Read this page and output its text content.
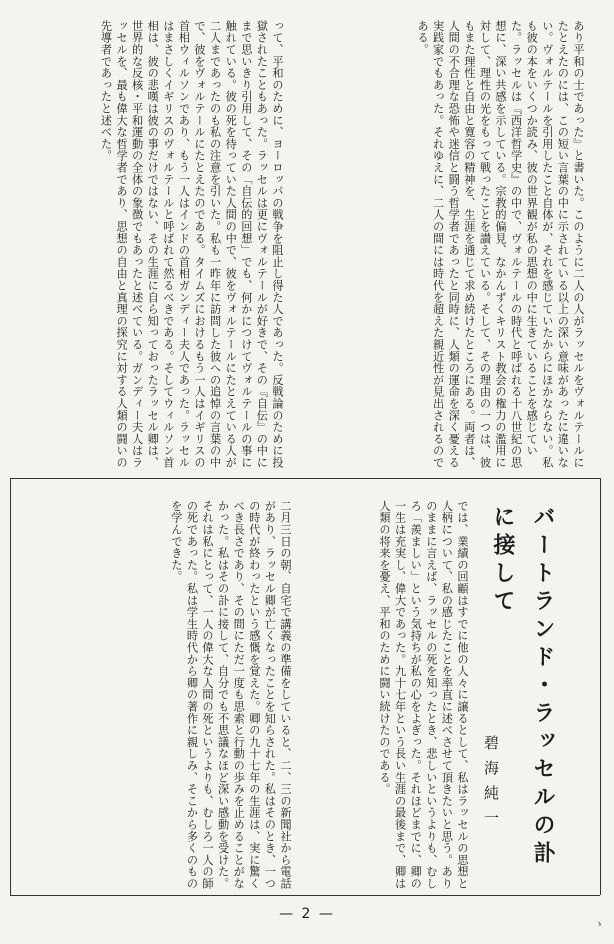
って、平和のために、ヨーロッパの戦争を阻止し得た人であった。反戦論のために投獄されたこともあった。ラッセルは更にヴォルテールが好きで、その『自伝』の中にまで思いきり引用して、その「自伝的回想」でも、何かにつけてヴォルテールの事に触れている。彼の死を待っていた人間の中で、彼をヴォルテールにたとえている人が二人まであったのも私の注意を引いた。私も一昨年に訪問した彼への追悼の言葉の中で、彼をヴォルテールにたとえたのである。タイムズにおけるもう一人はイギリスの首相ウィルソンであり、もう一人はインドの首相ガンディー夫人であった。ラッセルはまさしくイギリスのヴォルテールと呼ばれて然るべきである。そしてウィルソン首相は、彼の悲嘆は彼の事だけではない、その生涯に自ら知っておったラッセル卿は、世界的な反核・平和運動の全体の象徴でもあったと述べている。ガンディー夫人はラッセルを、最も偉大な哲学者であり、思想の自由と真理の探究に対する人類の闘いの先導者であったと述べた。	あり平和の士であった』と書いた。このように二人の人がラッセルをヴォルテールにたとえたのには、この短い言葉の中に示されている以上の深い意味があったに違いない。ヴォルテールを引用したこと自体が、それを感じていたからにほかならない。私も彼の本をいくつか読み、彼の世界観が私の思想の中に生きていることを感じていた。ラッセルは『西洋哲学史』の中で、ヴォルテールの時代と呼ばれる十八世紀の思想に、深い共感を示している。宗教的偏見、なかんずくキリスト教会の権力の濫用に対して、理性の光をもって戦ったことを讃えている。そして、その理由の一つは、彼もまた理性と自由と寛容の精神を、生涯を通じて求め続けたところにある。両者は、人間の不合理な恐怖や迷信と闘う哲学者であったと同時に、人類の運命を深く憂える実践家でもあった。それゆえに、二人の間には時代を超えた親近性が見出されるのである。
二月三日の朝、自宅で講義の準備をしていると、二、三の新聞社から電話があり、ラッセル卿が亡くなったことを知らされた。私はそのとき、一つの時代が終わったという感慨を覚えた。卿の九十七年の生涯は、実に驚くべき長さであり、その間にただ一度も思索と行動の歩みを止めることがなかった。私はその訃に接して、自分でも不思議なほど深い感動を受けた。それは私にとって、一人の偉大な人間の死というよりも、むしろ一人の師の死であった。私は学生時代から卿の著作に親しみ、そこから多くのものを学んできた。	では、業績の回顧はすでに他の人々に譲るとして、私はラッセルの思想と人柄について、私の感じたことを率直に述べさせて頂きたいと思う。ありのままに言えば、ラッセルの死を知ったとき、悲しいというよりも、むしろ「羨ましい」という気持ちが私の心をよぎった。それほどまでに、卿の一生は充実し、偉大であった。九十七年という長い生涯の最後まで、卿は人類の将来を憂え、平和のために闘い続けたのである。	バートランド・ラッセルの訃に接して
碧海純一
— 2 —
ゝ
